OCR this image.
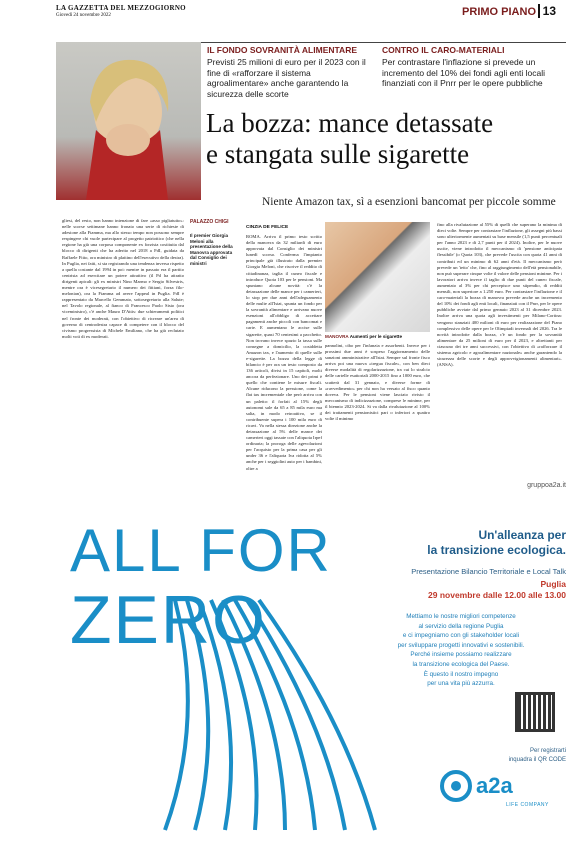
LA GAZZETTA DEL MEZZOGIORNO
Giovedì 24 novembre 2022	PRIMO PIANO 13
IL FONDO SOVRANITÀ ALIMENTARE
Previsti 25 milioni di euro per il 2023 con il fine di «rafforzare il sistema agroalimentare» anche garantendo la sicurezza delle scorte
CONTRO IL CARO-MATERIALI
Per contrastare l'inflazione si prevede un incremento del 10% dei fondi agli enti locali finanziati con il Pnrr per le opere pubbliche
La bozza: mance detassate
e stangata sulle sigarette
Niente Amazon tax, sì a esenzioni bancomat per piccole somme
gliesi, del resto, non hanno intenzione di fare «asso pigliatutto»: nelle scorse settimane hanno fronato una serie di richieste di adesione alla Fiamma, ma allo stesso tempo non possono sempre respingere chi vuole partecipare al progetto patriottico (che nella regione ha già una corposa componente ex forzista costituita dal blocco di dirigenti che ha aderito nel 2018 a FdI, guidata da Raffaele Fitto, ora ministro di plaitino dell'esecutivo della destra). In Puglia, nei fatti, si sta registrando una tendenza inversa rispetto a quella costante dal 1994 in poi: mentre in passato era il partito centrista ad esercitare un potere attrattivo (il Pd ha attratto dirigenti apicali: gli ex ministri Nino Marmo e Sergio Silvestris, mentre ora è vicesegretario il numero dei fittiani, forza filo-melonian), ora la Fiamma ad avere l'appeal in Puglia. FdI è rappresentato da Marcello Gemmato, sottosegretario alla Salute; nel Tavolo regionale, al fianco di Francesco Paolo Sisto (ora viceministro), c'è anche Mauro D'Attis: due schieramenti politici nel fronte dei moderati, con l'obiettivo di ricreare un'area di governo di centrodestra capace di competere con il blocco del civismo progressista di Michele Emiliano, che ha già reclutato molti voti di ex moderati.
PALAZZO CHIGI
Il premier Giorgia Meloni alla presentazione della Manovra approvata dal Consiglio dei ministri
CINZIA DE FELICE
ROMA. Arriva il primo testo scritto della manovra da 32 miliardi di euro approvata dal Consiglio dei ministri lunedì scorso. Conferma l'impianto principale già illustrato dalla premier Giorgia Meloni, che riscrive il reddito di cittadinanza, taglia il cuneo fiscale e introduce Quota 103 per le pensioni. Ma spuntano alcune novità: c'è la detassazione delle mance per i camerieri, lo stop per due anni dell'adeguamento delle multe all'Istat, spunta un fondo per la sovranità alimentare e arrivano nuove esenzioni all'obbligo di accettare pagamenti anche piccoli con bancomat e carte. E aumentano le accise sulle sigarette, quasi 70 centesimi a pacchetto. Non trovano invece spazio la tassa sulle consegne a domicilio, la cosiddetta Amazon tax, e l'aumento di quelle sulle e-sigarette. La bozza della legge di bilancio è per ora un testo composto da 136 articoli, divisi in 15 capitoli, molti ancora da perfezionare. Uno dei primi è quello che contiene le misure fiscali. Alcune riducono la pressione, come la flat tax incrementale che però arriva con un paletto: il forfait al 15% degli autonomi sale da 65 a 85 mila euro ma salta, in modo retroattivo, se il contribuente supera i 100 mila euro di ricavi. Va nella stessa direzione anche la detassazione al 5% delle mance dei camerieri oggi tassate con l'aliquota Irpef ordinaria; la proroga delle agevolazioni per l'acquisto per la prima casa per gli under 36 e l'aliquota Iva ridotta al 5% anche per i seggiolini auto per i bambini, oltre a
MANOVRA Aumenti per le sigarette
pannolini, cibo per l'infanzia e assorbenti. Invece per i prossimi due anni è sospeso l'aggiornamento delle sanzioni amministrative all'Istat. Sempre sul fronte fisco arriva poi una nuova «tregua fiscale», con ben dieci diverse modalità di regolarizzazione, tra cui lo stralcio delle cartelle esattoriali 2000-2015 fino a 1000 euro, che scatterà dal 31 gennaio, e diverse forme di «ravvedimento» per chi non ha versato al fisco quanto doveva. Per le pensioni viene lasciato rivisto il meccanismo di indicizzazione, comprese le minime, per il biennio 2023-2024. Si va dalla rivalutazione al 100% dei trattamenti pensionistici pari o inferiori a quattro volte il minimo
fino alla rivalutazione al 55% di quelli che superano la minima di dieci volte. Sempre per contrastare l'inflazione, gli assegni più bassi sono ulteriormente aumentati su base mensile (1,5 punti percentuali per l'anno 2023 e di 2,7 punti per il 2024). Inoltre, per le nuove uscite, viene introdotto il meccanismo di 'pensione anticipata flessibile' (o Quota 103), che prevede l'uscita con quota 41 anni di contributi ed un minimo di 62 anni d'età. Il meccanismo però prevede un 'tetto' che, fino al raggiungimento dell'età pensionabile, non può superare cinque volte il valore delle pensioni minime. Per i lavoratori arriva invece il taglio di due punti del cuneo fiscale, aumentato al 3% per chi percepisce uno stipendio, di redditi mensili, non superiore a 1.250 euro. Per contrastare l'inflazione e il caro-materiali la bozza di manovra prevede anche un incremento del 10% dei fondi agli enti locali, finanziati con il Pnrr, per le opere pubbliche avviate dal primo gennaio 2023 al 31 dicembre 2023. Inoltre arriva una quota agli investimenti per Milano-Cortina: vengono stanziati 400 milioni di euro per realizzazione del Piano complessivo delle opere per le Olimpiadi invernali del 2026. Tra le novità introdotte dalla bozza, c'è un fondo per la sovranità alimentare da 25 milioni di euro per il 2023, e altrettanti per ciascuno dei tre anni successivi, con l'obiettivo di «rafforzare il sistema agricolo e agroalimentare nazionale» anche garantendo la sicurezza delle scorte e degli approvvigionamenti alimentari». (ANSA).
gruppoa2a.it
ALL FOR
ZERO
Un'alleanza per
la transizione ecologica.
Presentazione Bilancio Territoriale e Local Talk
Puglia
29 novembre dalle 12.00 alle 13.00
Mettiamo le nostre migliori competenze
al servizio della regione Puglia
e ci impegniamo con gli stakeholder locali
per sviluppare progetti innovativi e sostenibili.
Perché insieme possiamo realizzare
la transizione ecologica del Paese.
È questo il nostro impegno
per una vita più azzurra.
Per registrarti
inquadra il QR CODE
a2a
LIFE COMPANY
